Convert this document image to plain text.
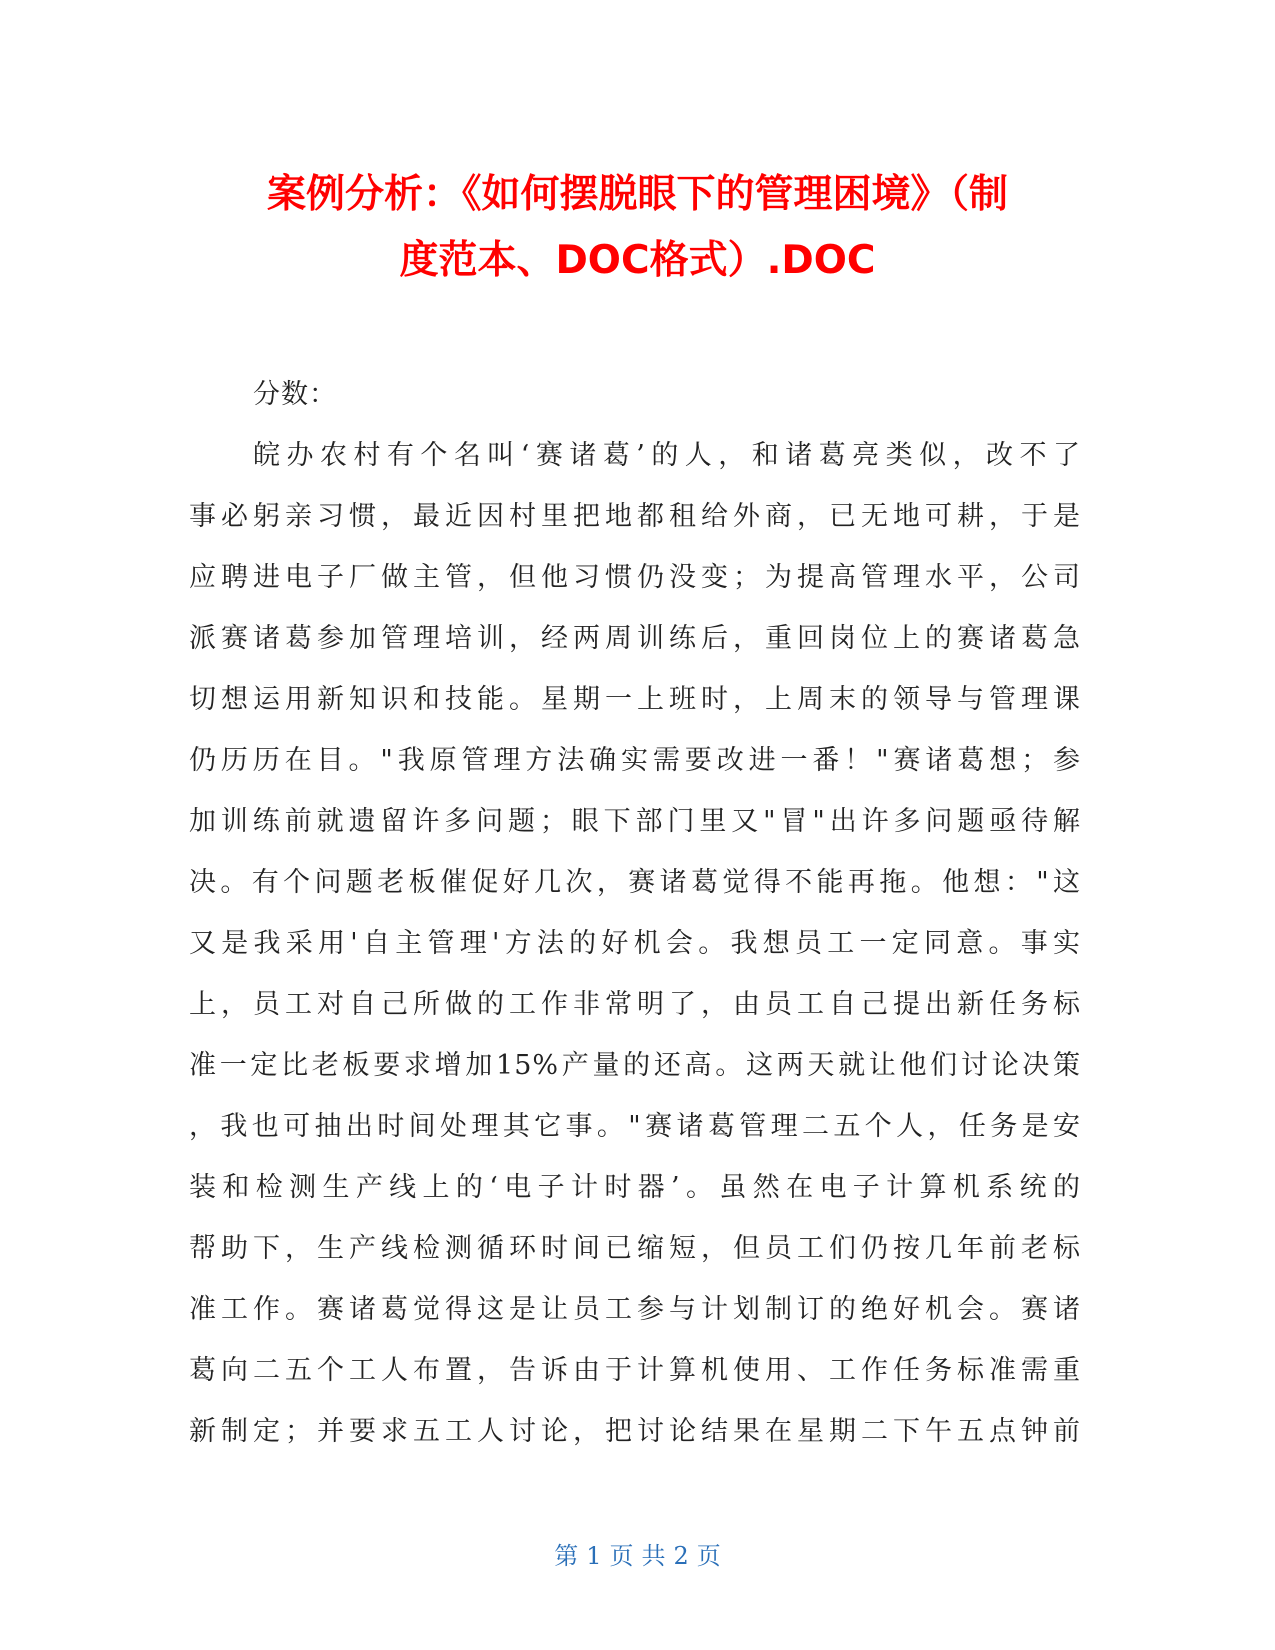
案例分析：《如何摆脱眼下的管理困境》（制
度范本、DOC格式）.DOC
分数：
皖办农村有个名叫‘赛诸葛’的人，和诸葛亮类似，改不了
事必躬亲习惯，最近因村里把地都租给外商，已无地可耕，于是
应聘进电子厂做主管，但他习惯仍没变；为提高管理水平，公司
派赛诸葛参加管理培训，经两周训练后，重回岗位上的赛诸葛急
切想运用新知识和技能。星期一上班时，上周末的领导与管理课
仍历历在目。"我原管理方法确实需要改进一番！"赛诸葛想；参
加训练前就遗留许多问题；眼下部门里又"冒"出许多问题亟待解
决。有个问题老板催促好几次，赛诸葛觉得不能再拖。他想："这
又是我采用'自主管理'方法的好机会。我想员工一定同意。事实
上，员工对自己所做的工作非常明了，由员工自己提出新任务标
准一定比老板要求增加15%产量的还高。这两天就让他们讨论决策
，我也可抽出时间处理其它事。"赛诸葛管理二五个人，任务是安
装和检测生产线上的‘电子计时器’。虽然在电子计算机系统的
帮助下，生产线检测循环时间已缩短，但员工们仍按几年前老标
准工作。赛诸葛觉得这是让员工参与计划制订的绝好机会。赛诸
葛向二五个工人布置，告诉由于计算机使用、工作任务标准需重
新制定；并要求五工人讨论，把讨论结果在星期二下午五点钟前
第 1 页 共 2 页
